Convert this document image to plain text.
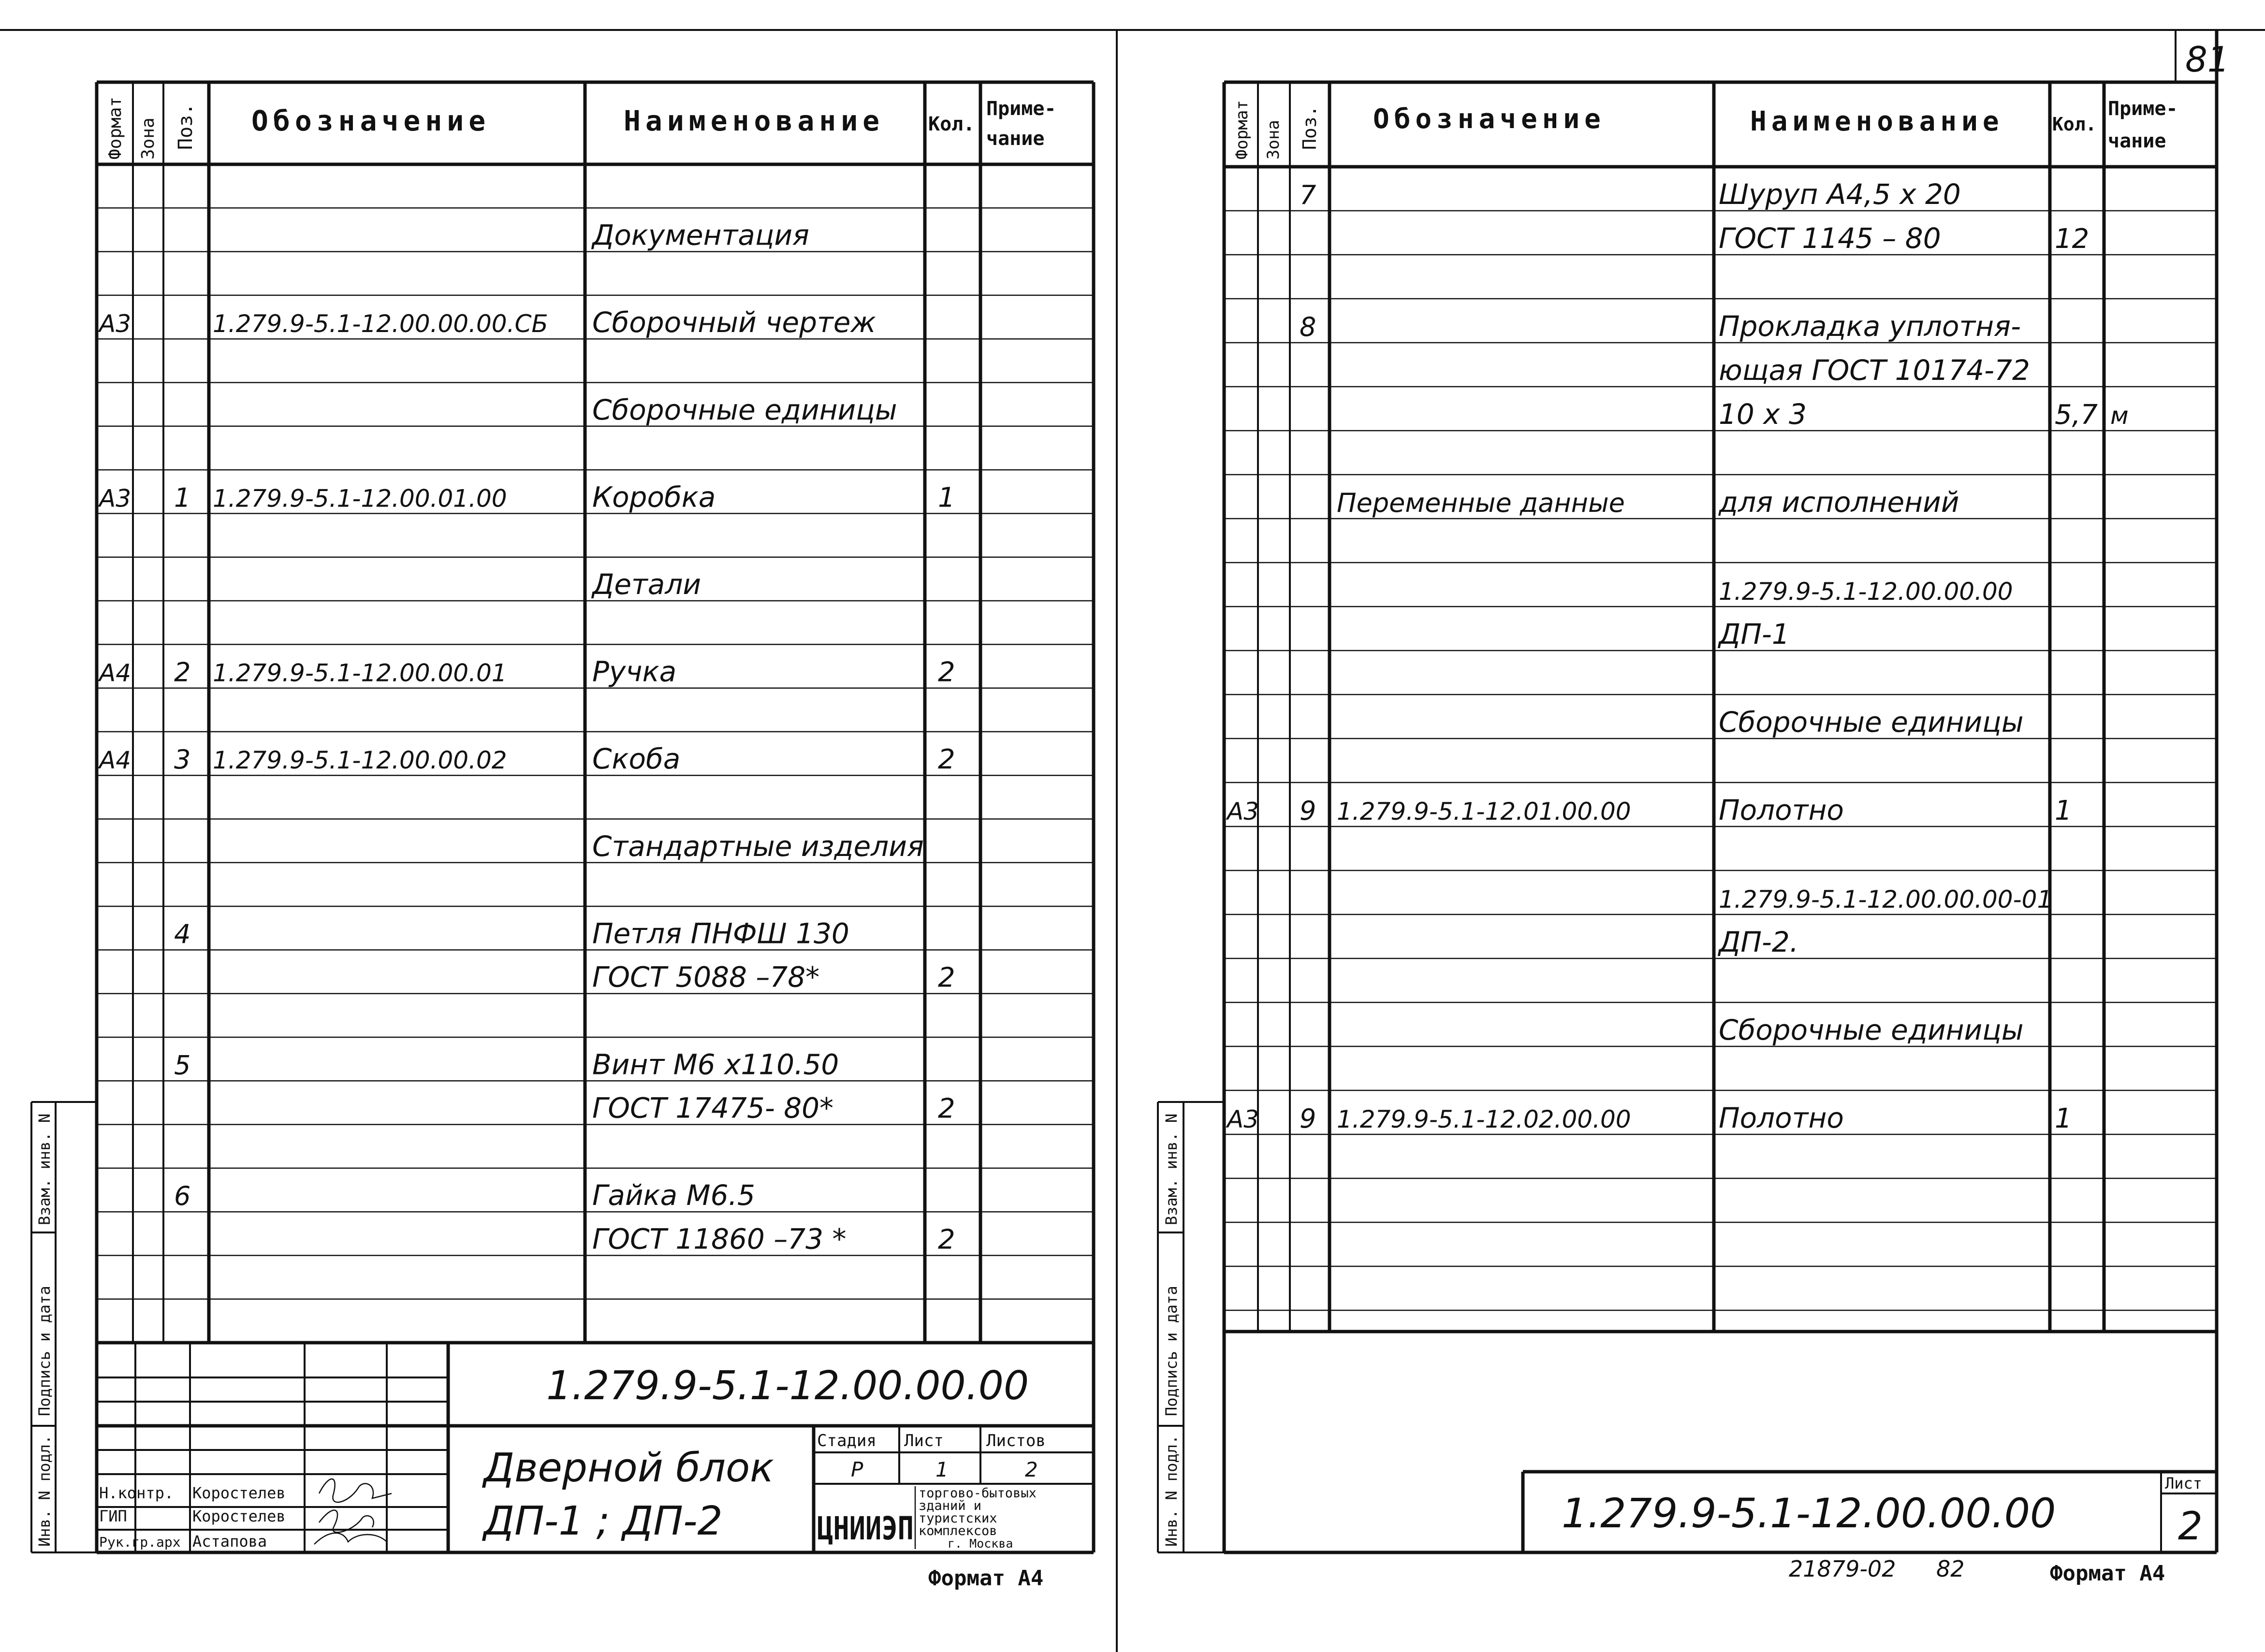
Формат Зона Поз. Обозначение	Наименование Кол.
Приме-
чание
Документация
А3	1.279.9-5.1-12.00.00.00.СБ Сборочный чертеж
Сборочные единицы
А3 1 1.279.9-5.1-12.00.01.00	Коробка	1
Детали
А4 2 1.279.9-5.1-12.00.00.01	Ручка	2
А4 3 1.279.9-5.1-12.00.00.02	Скоба	2
Стандартные изделия
4	Петля ПНФШ 130
ГОСТ 5088 –78*	2
5	Винт М6 х110.50
ГОСТ 17475- 80*	2
6	Гайка М6.5
ГОСТ 11860 –73 *	2
1.279.9-5.1-12.00.00.00
Дверной блок
ДП-1 ; ДП-2
Стадия Лист	Листов
Р	1	2
ЦНИИЭП
торгово-бытовых
зданий и
туристских
комплексов
г. Москва
Н.контр. Коростелев
ГИП	Коростелев
Рук.гр.арх Астапова
Инв. N подл.
Подпись и дата
Взам. инв. N
Формат А4
81
Формат Зона Поз. Обозначение	Наименование	Кол.
Приме-
чание
7	Шуруп А4,5 х 20
ГОСТ 1145 – 80	12
8	Прокладка уплотня-
ющая ГОСТ 10174-72
10 х 3	5,7 м
Переменные данные	для исполнений
1.279.9-5.1-12.00.00.00
ДП-1
Сборочные единицы
А3 9 1.279.9-5.1-12.01.00.00	Полотно	1
1.279.9-5.1-12.00.00.00-01
ДП-2.
Сборочные единицы
А3 9 1.279.9-5.1-12.02.00.00	Полотно	1
1.279.9-5.1-12.00.00.00
Лист
2
Инв. N подл.
Подпись и дата
Взам. инв. N
21879-02 82	Формат А4
